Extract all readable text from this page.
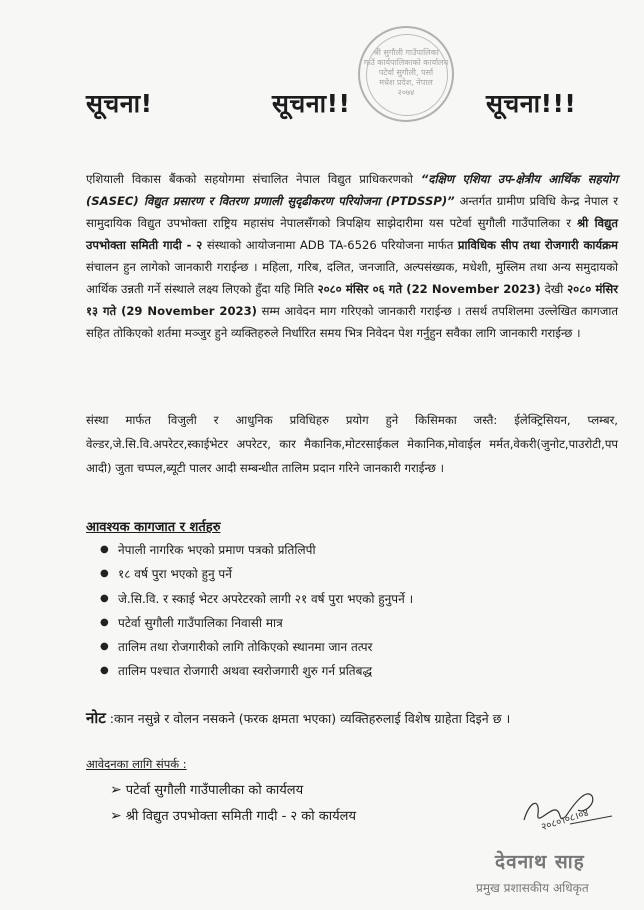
सूचना!	सूचना!!	सूचना!!!
श्री सुगौली गाउँपालिका
गाउँ कार्यपालिकाको कार्यालय
पटेर्वा सुगौली, पर्सा
मधेश प्रदेश, नेपाल
२०७४
एशियाली विकास बैंकको सहयोगमा संचालित नेपाल विद्युत प्राधिकरणको “दक्षिण एशिया उप-क्षेत्रीय आर्थिक सहयोग (SASEC) विद्युत प्रसारण र वितरण प्रणाली सुदृढीकरण परियोजना (PTDSSP)” अन्तर्गत ग्रामीण प्रविधि केन्द्र नेपाल र सामुदायिक विद्युत उपभोक्ता राष्ट्रिय महासंघ नेपालसँगको त्रिपक्षिय साझेदारीमा यस पटेर्वा सुगौली गाउँपालिका र श्री विद्युत उपभोक्ता समिती गादी - २ संस्थाको आयोजनामा ADB TA-6526 परियोजना मार्फत प्राविधिक सीप तथा रोजगारी कार्यक्रम संचालन हुन लागेको जानकारी गराईन्छ । महिला, गरिब, दलित, जनजाति, अल्पसंख्यक, मधेशी, मुस्लिम तथा अन्य समुदायको आर्थिक उन्नती गर्ने संस्थाले लक्ष्य लिएको हुँदा यहि मिति २०८० मंसिर ०६ गते (22 November 2023) देखी २०८० मंसिर १३ गते (29 November 2023) सम्म आवेदन माग गरिएको जानकारी गराईन्छ । तसर्थ तपशिलमा उल्लेखित कागजात सहित तोकिएको शर्तमा मञ्जुर हुने व्यक्तिहरुले निर्धारित समय भित्र निवेदन पेश गर्नुहुन सवैका लागि जानकारी गराईन्छ ।
संस्था मार्फत विजुली र आधुनिक प्रविधिहरु प्रयोग हुने किसिमका जस्तै: ईलेक्ट्रिसियन, प्लम्बर, वेल्डर,जे.सि.वि.अपरेटर,स्काईभेटर अपरेटर, कार मैकानिक,मोटरसाईकल मेकानिक,मोवाईल मर्मत,वेकरी(जुनोट,पाउरोटी,पप आदी) जुता चप्पल,ब्यूटी पालर आदी सम्बन्धीत तालिम प्रदान गरिने जानकारी गराईन्छ ।
आवश्यक कागजात र शर्तहरु
● नेपाली नागरिक भएको प्रमाण पत्रको प्रतिलिपी
● १८ वर्ष पुरा भएको हुनु पर्ने
● जे.सि.वि. र स्काई भेटर अपरेटरको लागी २१ वर्ष पुरा भएको हुनुपर्ने ।
● पटेर्वा सुगौली गाउँपालिका निवासी मात्र
● तालिम तथा रोजगारीको लागि तोकिएको स्थानमा जान तत्पर
● तालिम पश्चात रोजगारी अथवा स्वरोजगारी शुरु गर्न प्रतिबद्ध
नोट :कान नसुन्ने र वोलन नसकने (फरक क्षमता भएका) व्यक्तिहरुलाई विशेष ग्राहेता दिइने छ ।
आवेदनका लागि संपर्क :
➢ पटेर्वा सुगौली गाउँपालीका को कार्यलय
➢ श्री विद्युत उपभोक्ता समिती गादी - २ को कार्यलय	२०८०।०८।०४
देवनाथ साह
प्रमुख प्रशासकीय अधिकृत
